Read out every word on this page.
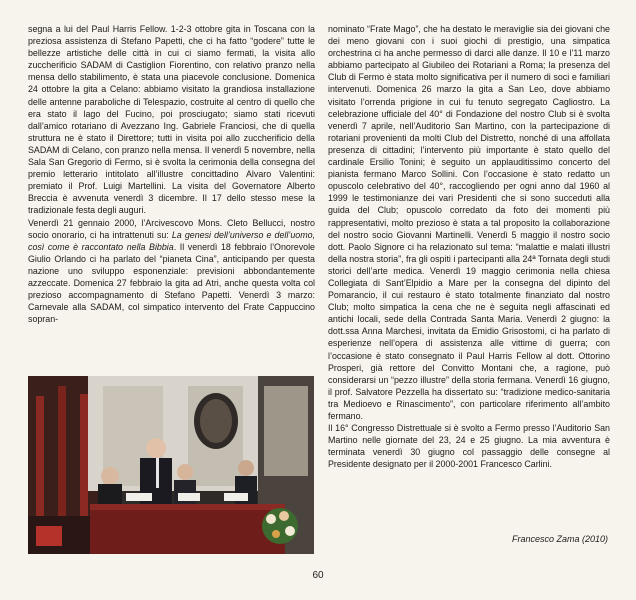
segna a lui del Paul Harris Fellow. 1-2-3 ottobre gita in Toscana con la preziosa assistenza di Stefano Papetti, che ci ha fatto “godere” tutte le bellezze artistiche delle città in cui ci siamo fermati, la visita allo zuccherificio SADAM di Castiglion Fiorentino, con relativo pranzo nella mensa dello stabilimento, è stata una piacevole conclusione. Domenica 24 ottobre la gita a Celano: abbiamo visitato la grandiosa installazione delle antenne paraboliche di Telespazio, costruite al centro di quello che era stato il lago del Fucino, poi prosciugato; siamo stati ricevuti dall’amico rotariano di Avezzano Ing. Gabriele Franciosi, che di quella struttura ne è stato il Direttore; tutti in visita poi allo zuccherificio della SADAM di Celano, con pranzo nella mensa. Il venerdì 5 novembre, nella Sala San Gregorio di Fermo, si è svolta la cerimonia della consegna del premio letterario intitolato all’illustre concittadino Alvaro Valentini: premiato il Prof. Luigi Martellini. La visita del Governatore Alberto Breccia è avvenuta venerdì 3 dicembre. Il 17 dello stesso mese la tradizionale festa degli auguri.

Venerdì 21 gennaio 2000, l’Arcivescovo Mons. Cleto Bellucci, nostro socio onorario, ci ha intrattenuti su: La genesi dell’universo e dell’uomo, così come è raccontato nella Bibbia. Il venerdì 18 febbraio l’Onorevole Giulio Orlando ci ha parlato del “pianeta Cina”, anticipando per questa nazione uno sviluppo esponenziale: previsioni abbondantemente azzeccate. Domenica 27 febbraio la gita ad Atri, anche questa volta col prezioso accompagnamento di Stefano Papetti. Venerdì 3 marzo: Carnevale alla SADAM, col simpatico intervento del Frate Cappuccino sopran-

nominato “Frate Mago”, che ha destato le meraviglie sia dei giovani che dei meno giovani con i suoi giochi di prestigio, una simpatica orchestrina ci ha anche permesso di darci alle danze. Il 10 e l’11 marzo abbiamo partecipato al Giubileo dei Rotariani a Roma; la presenza del Club di Fermo è stata molto significativa per il numero di soci e familiari intervenuti. Domenica 26 marzo la gita a San Leo, dove abbiamo visitato l’orrenda prigione in cui fu tenuto segregato Cagliostro. La celebrazione ufficiale del 40° di Fondazione del nostro Club si è svolta venerdì 7 aprile, nell’Auditorio San Martino, con la partecipazione di rotariani provenienti da molti Club del Distretto, nonché di una affollata presenza di cittadini; l’intervento più importante è stato quello del cardinale Ersilio Tonini; è seguito un applauditissimo concerto del pianista fermano Marco Sollini. Con l’occasione è stato redatto un opuscolo celebrativo del 40°, raccogliendo per ogni anno dal 1960 al 1999 le testimonianze dei vari Presidenti che si sono succeduti alla guida del Club; opuscolo corredato da foto dei momenti più rappresentativi, molto prezioso è stata a tal proposito la collaborazione del nostro socio Giovanni Martinelli. Venerdì 5 maggio il nostro socio dott. Paolo Signore ci ha relazionato sul tema: “malattie e malati illustri della nostra storia”, fra gli ospiti i partecipanti alla 24ª Tornata degli studi storici dell’arte medica. Venerdì 19 maggio cerimonia nella chiesa Collegiata di Sant’Elpidio a Mare per la consegna del dipinto del Pomarancio, il cui restauro è stato totalmente finanziato dal nostro Club; molto simpatica la cena che ne è seguita negli affascinati ed antichi locali, sede della Contrada Santa Maria. Venerdì 2 giugno: la dott.ssa Anna Marchesi, invitata da Emidio Grisostomi, ci ha parlato di esperienze nell’opera di assistenza alle vittime di guerra; con l’occasione è stato consegnato il Paul Harris Fellow al dott. Ottorino Prosperi, già rettore del Convitto Montani che, a ragione, può considerarsi un “pezzo illustre” della storia fermana. Venerdì 16 giugno, il prof. Salvatore Pezzella ha dissertato su: “tradizione medico-sanitaria tra Medioevo e Rinascimento”, con particolare riferimento all’ambito fermano.

Il 16° Congresso Distrettuale si è svolto a Fermo presso l’Auditorio San Martino nelle giornate del 23, 24 e 25 giugno. La mia avventura è terminata venerdì 30 giugno col passaggio delle consegne al Presidente designato per il 2000-2001 Francesco Carlini.

Francesco Zama (2010)
60
